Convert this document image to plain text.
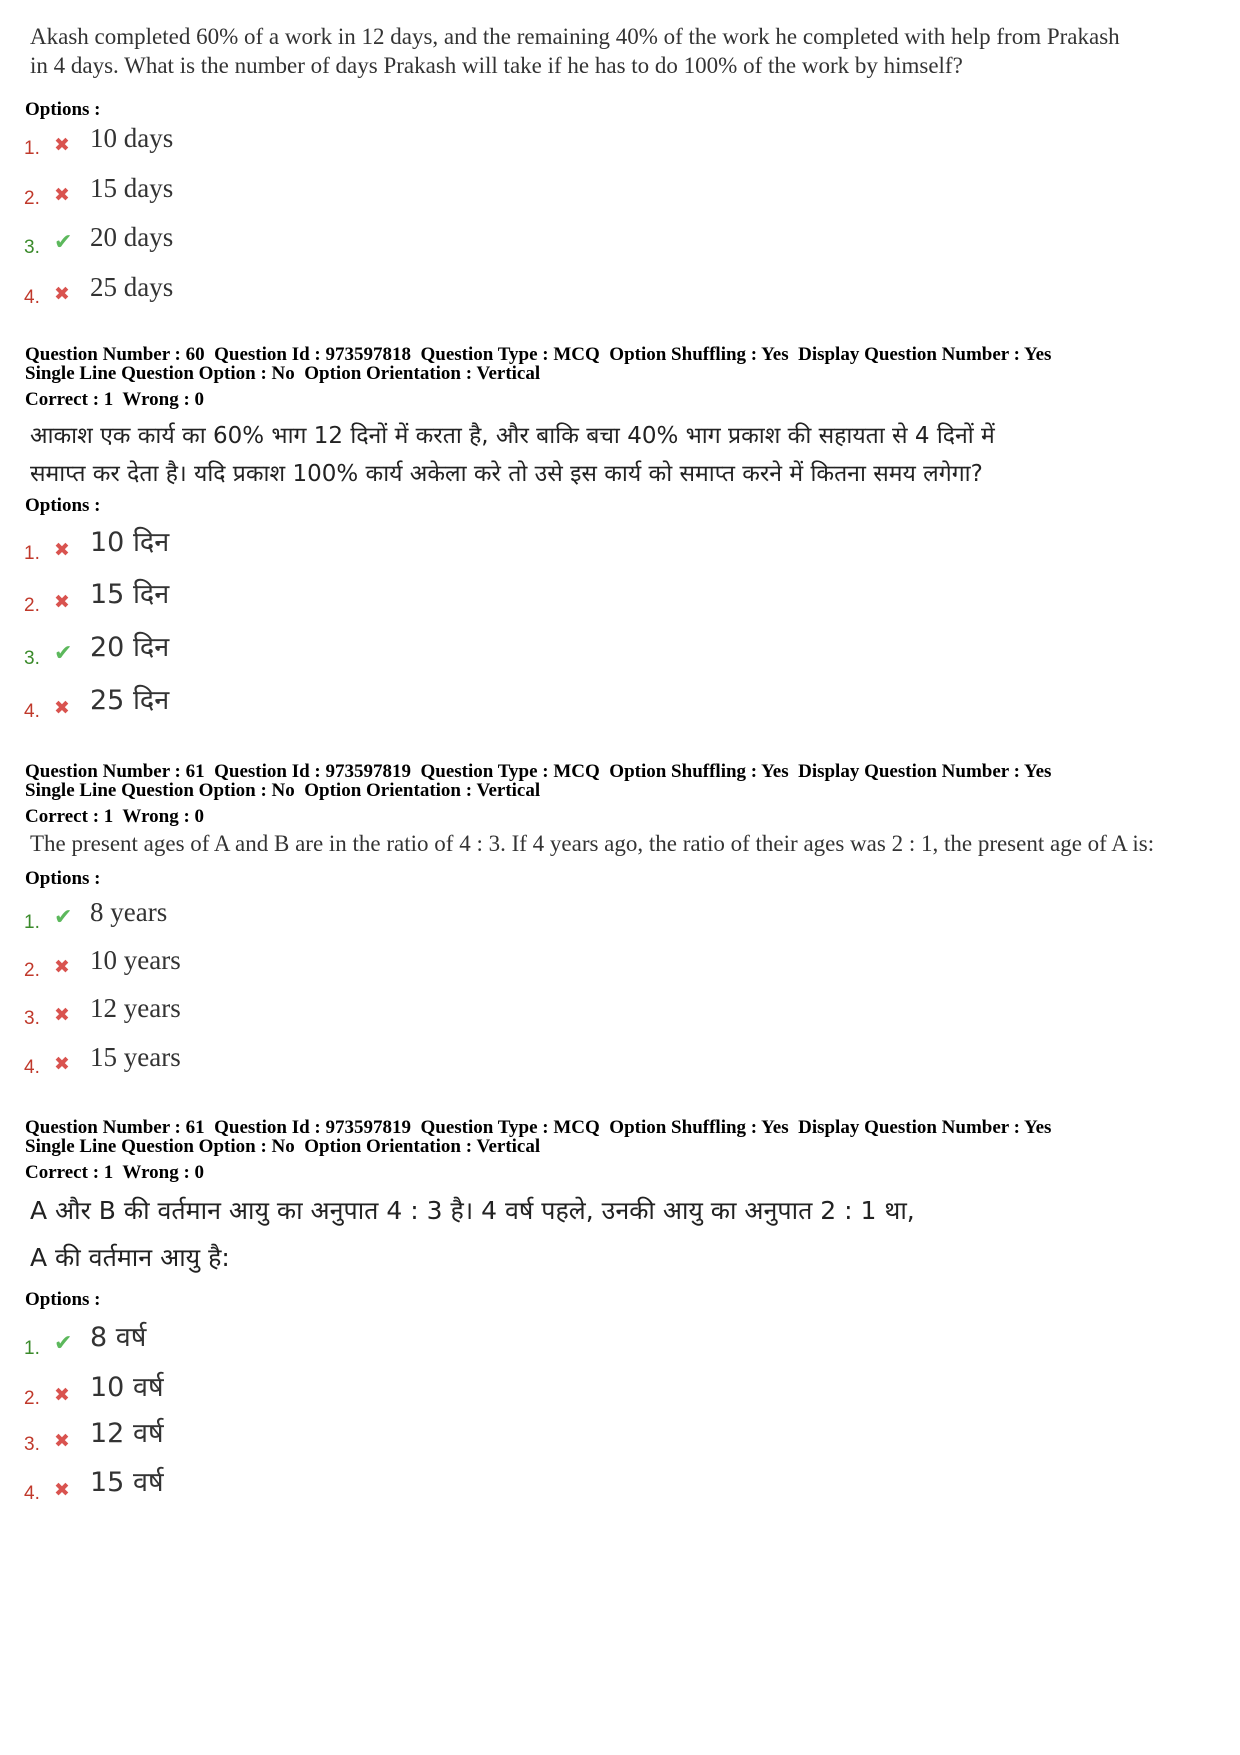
Akash completed 60% of a work in 12 days, and the remaining 40% of the work he completed with help from Prakash
in 4 days. What is the number of days Prakash will take if he has to do 100% of the work by himself?
Options :
1. ✖ 10 days
2. ✖ 15 days
3. ✔ 20 days
4. ✖ 25 days
Question Number : 60  Question Id : 973597818  Question Type : MCQ  Option Shuffling : Yes  Display Question Number : Yes
Single Line Question Option : No  Option Orientation : Vertical
Correct : 1  Wrong : 0
आकाश एक कार्य का 60% भाग 12 दिनों में करता है, और बाकि बचा 40% भाग प्रकाश की सहायता से 4 दिनों में
समाप्त कर देता है। यदि प्रकाश 100% कार्य अकेला करे तो उसे इस कार्य को समाप्त करने में कितना समय लगेगा?
Options :
1. ✖ 10 दिन
2. ✖ 15 दिन
3. ✔ 20 दिन
4. ✖ 25 दिन
Question Number : 61  Question Id : 973597819  Question Type : MCQ  Option Shuffling : Yes  Display Question Number : Yes
Single Line Question Option : No  Option Orientation : Vertical
Correct : 1  Wrong : 0
The present ages of A and B are in the ratio of 4 : 3. If 4 years ago, the ratio of their ages was 2 : 1, the present age of A is:
Options :
1. ✔ 8 years
2. ✖ 10 years
3. ✖ 12 years
4. ✖ 15 years
Question Number : 61  Question Id : 973597819  Question Type : MCQ  Option Shuffling : Yes  Display Question Number : Yes
Single Line Question Option : No  Option Orientation : Vertical
Correct : 1  Wrong : 0
A और B की वर्तमान आयु का अनुपात 4 : 3 है। 4 वर्ष पहले, उनकी आयु का अनुपात 2 : 1 था,
A की वर्तमान आयु है:
Options :
1. ✔ 8 वर्ष
2. ✖ 10 वर्ष
3. ✖ 12 वर्ष
4. ✖ 15 वर्ष
